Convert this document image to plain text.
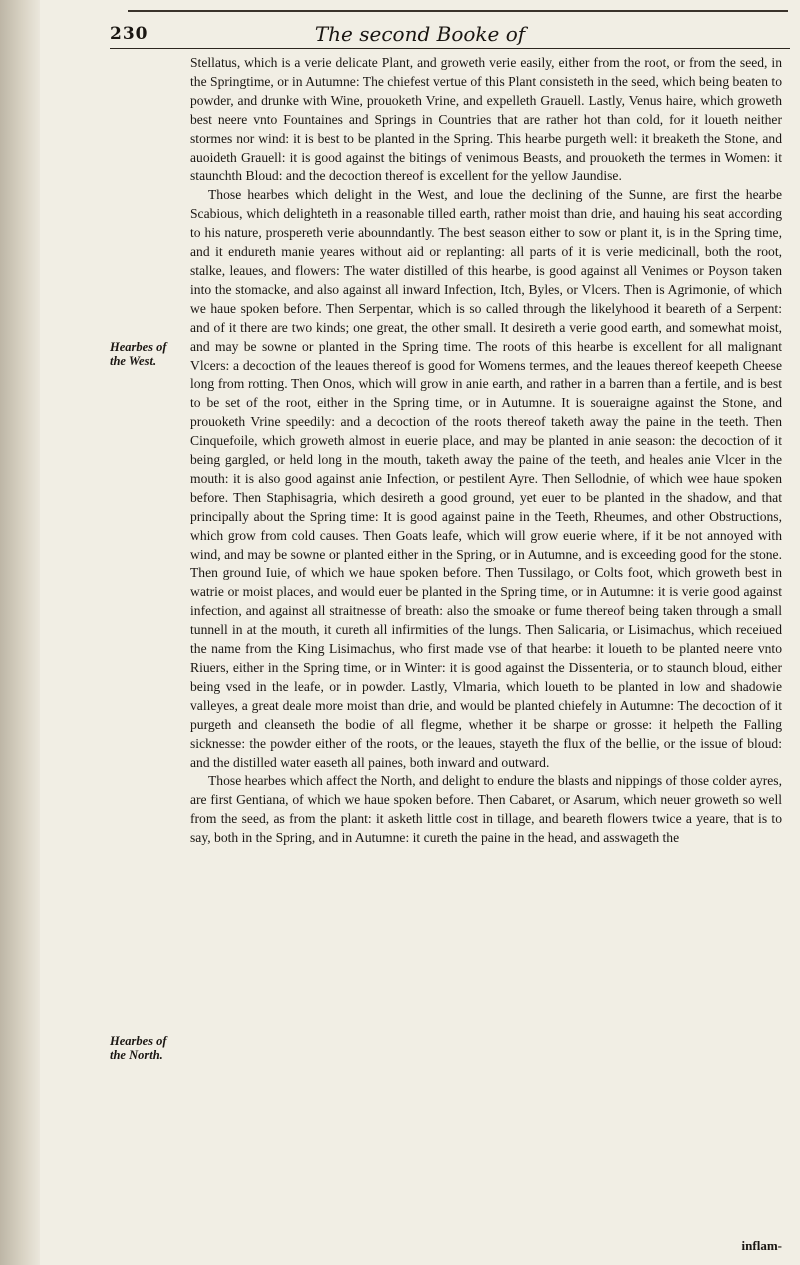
230	The second Booke of
Hearbes of the West.
Hearbes of the North.

Stellatus, which is a verie delicate Plant, and groweth verie easily, either from the root, or from the seed, in the Springtime, or in Autumne: The chiefest vertue of this Plant consisteth in the seed, which being beaten to powder, and drunke with Wine, prouoketh Vrine, and expelleth Grauell. Lastly, Venus haire, which groweth best neere vnto Fountaines and Springs in Countries that are rather hot than cold, for it loueth neither stormes nor wind: it is best to be planted in the Spring. This hearbe purgeth well: it breaketh the Stone, and auoideth Grauell: it is good against the bitings of venimous Beasts, and prouoketh the termes in Women: it staunchth Bloud: and the decoction thereof is excellent for the yellow Jaundise.

Those hearbes which delight in the West, and loue the declining of the Sunne, are first the hearbe Scabious, which delighteth in a reasonable tilled earth, rather moist than drie, and hauing his seat according to his nature, prospereth verie abounndantly. The best season either to sow or plant it, is in the Spring time, and it endureth manie yeares without aid or replanting: all parts of it is verie medicinall, both the root, stalke, leaues, and flowers: The water distilled of this hearbe, is good against all Venimes or Poyson taken into the stomacke, and also against all inward Infection, Itch, Byles, or Vlcers. Then is Agrimonie, of which we haue spoken before. Then Serpentar, which is so called through the likelyhood it beareth of a Serpent: and of it there are two kinds; one great, the other small. It desireth a verie good earth, and somewhat moist, and may be sowne or planted in the Spring time. The roots of this hearbe is excellent for all malignant Vlcers: a decoction of the leaues thereof is good for Womens termes, and the leaues thereof keepeth Cheese long from rotting. Then Onos, which will grow in anie earth, and rather in a barren than a fertile, and is best to be set of the root, either in the Spring time, or in Autumne. It is soueraigne against the Stone, and prouoketh Vrine speedily: and a decoction of the roots thereof taketh away the paine in the teeth. Then Cinquefoile, which groweth almost in euerie place, and may be planted in anie season: the decoction of it being gargled, or held long in the mouth, taketh away the paine of the teeth, and heales anie Vlcer in the mouth: it is also good against anie Infection, or pestilent Ayre. Then Sellodnie, of which wee haue spoken before. Then Staphisagria, which desireth a good ground, yet euer to be planted in the shadow, and that principally about the Spring time: It is good against paine in the Teeth, Rheumes, and other Obstructions, which grow from cold causes. Then Goats leafe, which will grow euerie where, if it be not annoyed with wind, and may be sowne or planted either in the Spring, or in Autumne, and is exceeding good for the stone. Then ground Iuie, of which we haue spoken before. Then Tussilago, or Colts foot, which groweth best in watrie or moist places, and would euer be planted in the Spring time, or in Autumne: it is verie good against infection, and against all straitnesse of breath: also the smoake or fume thereof being taken through a small tunnell in at the mouth, it cureth all infirmities of the lungs. Then Salicaria, or Lisimachus, which receiued the name from the King Lisimachus, who first made vse of that hearbe: it loueth to be planted neere vnto Riuers, either in the Spring time, or in Winter: it is good against the Dissenteria, or to staunch bloud, either being vsed in the leafe, or in powder. Lastly, Vlmaria, which loueth to be planted in low and shadowie valleyes, a great deale more moist than drie, and would be planted chiefely in Autumne: The decoction of it purgeth and cleanseth the bodie of all flegme, whether it be sharpe or grosse: it helpeth the Falling sicknesse: the powder either of the roots, or the leaues, stayeth the flux of the bellie, or the issue of bloud: and the distilled water easeth all paines, both inward and outward.

Those hearbes which affect the North, and delight to endure the blasts and nippings of those colder ayres, are first Gentiana, of which we haue spoken before. Then Cabaret, or Asarum, which neuer groweth so well from the seed, as from the plant: it asketh little cost in tillage, and beareth flowers twice a yeare, that is to say, both in the Spring, and in Autumne: it cureth the paine in the head, and asswageth the

inflam-
